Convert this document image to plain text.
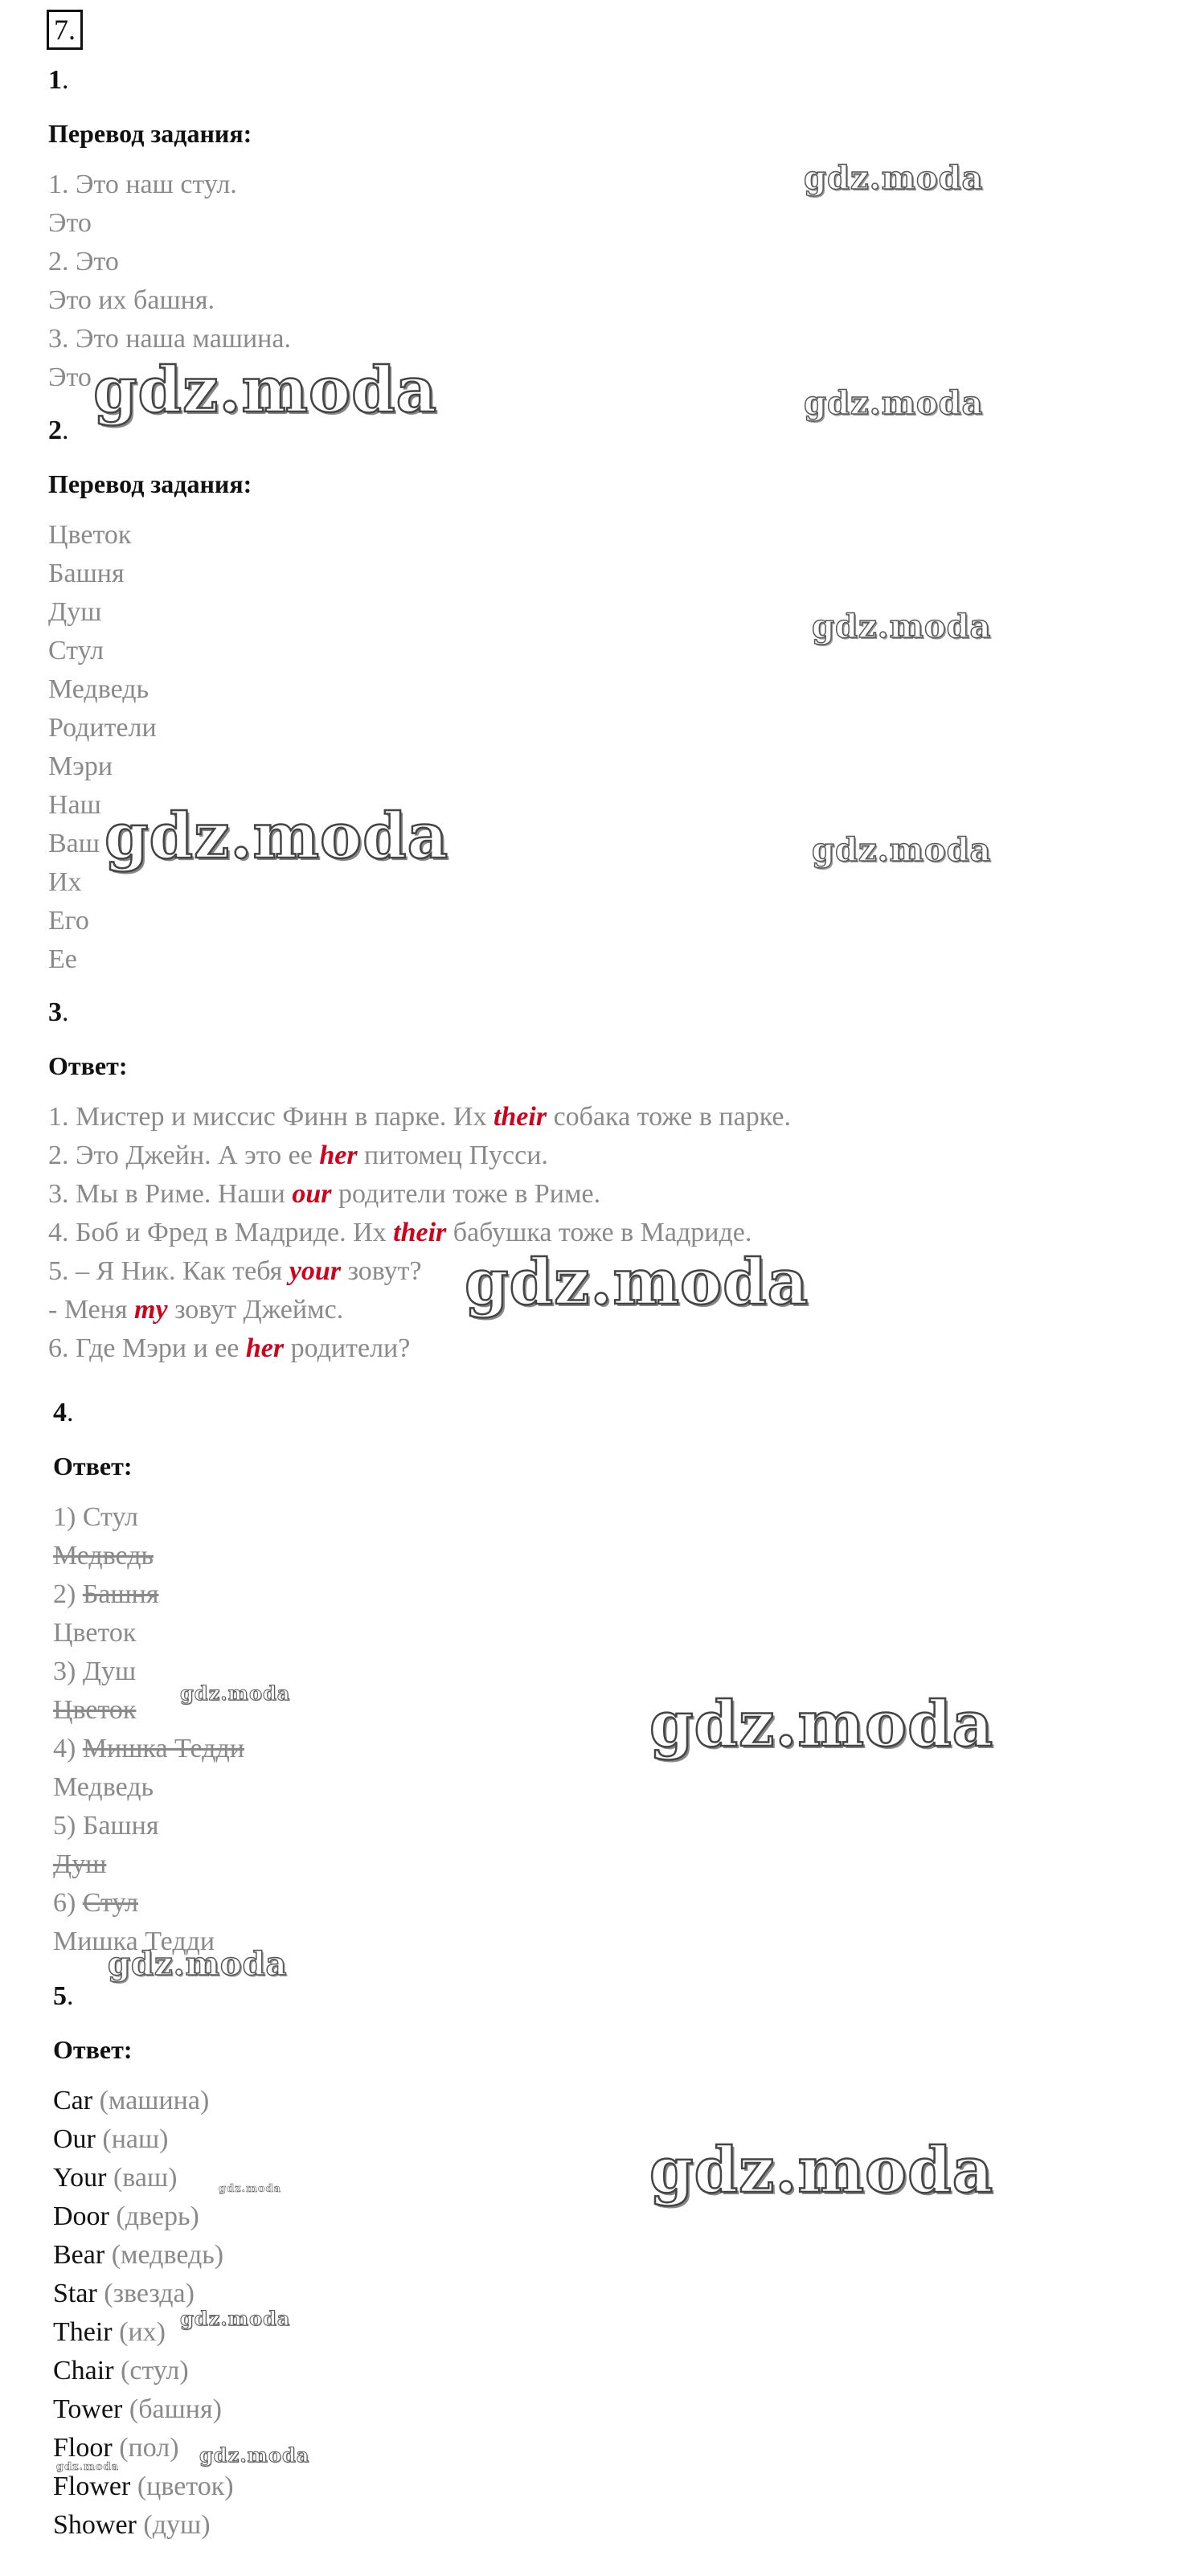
7.
1.
Перевод задания:
1. Это наш стул.
Это
2. Это
Это их башня.
3. Это наша машина.
Это
2.
Перевод задания:
Цветок
Башня
Душ
Стул
Медведь
Родители
Мэри
Наш
Ваш
Их
Его
Ее
3.
Ответ:
1. Мистер и миссис Финн в парке. Их their собака тоже в парке.
2. Это Джейн. А это ее her питомец Пусси.
3. Мы в Риме. Наши our родители тоже в Риме.
4. Боб и Фред в Мадриде. Их their бабушка тоже в Мадриде.
5. – Я Ник. Как тебя your зовут?
- Меня my зовут Джеймс.
6. Где Мэри и ее her родители?
4.
Ответ:
1) Стул
Медведь
2) Башня
Цветок
3) Душ
Цветок
4) Мишка Тедди
Медведь
5) Башня
Душ
6) Стул
Мишка Тедди
5.
Ответ:
Car (машина)
Our (наш)
Your (ваш)
Door (дверь)
Bear (медведь)
Star (звезда)
Their (их)
Chair (стул)
Tower (башня)
Floor (пол)
Flower (цветок)
Shower (душ)
gdz.moda
gdz.moda	gdz.moda
gdz.moda
gdz.moda	gdz.moda
gdz.moda
gdz.moda	gdz.moda
gdz.moda
gdz.moda
gdz.moda
gdz.moda
gdz.moda
gdz.moda
